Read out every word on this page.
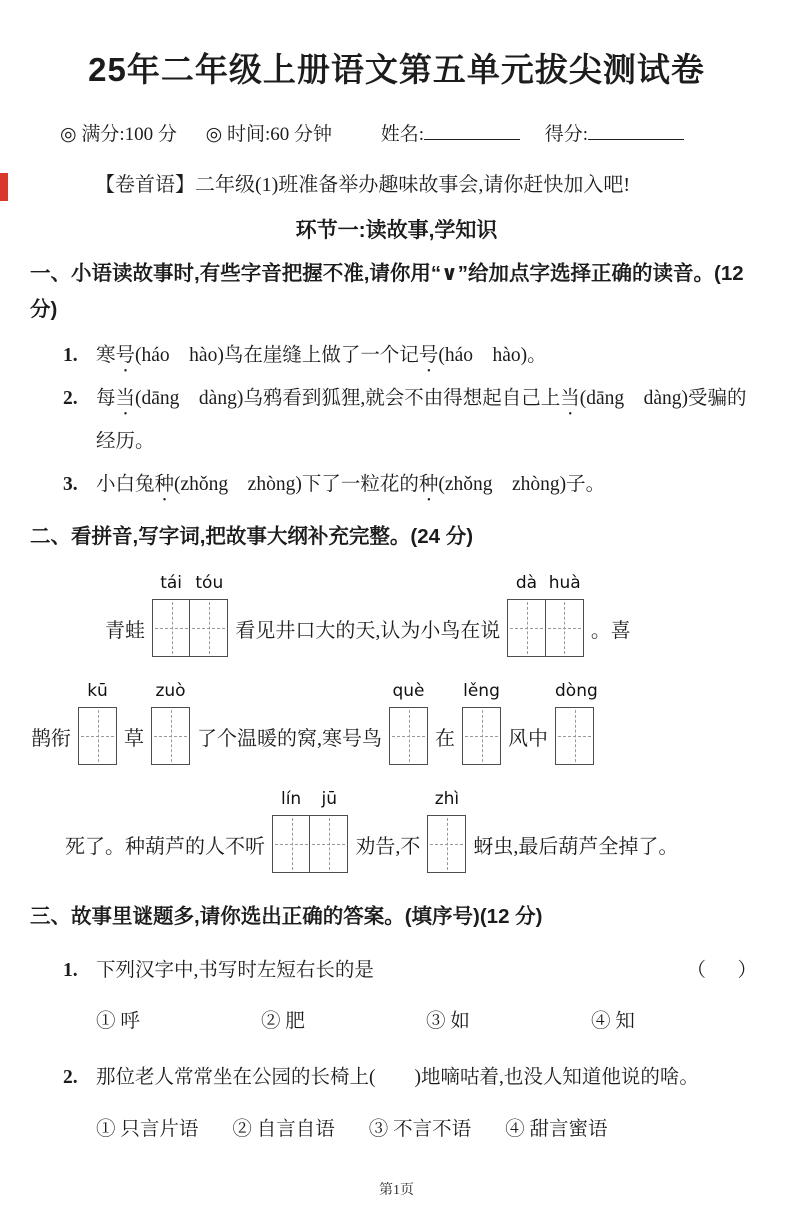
25年二年级上册语文第五单元拔尖测试卷
◎ 满分:100 分 ◎ 时间:60 分钟	姓名:	得分:

【卷首语】二年级(1)班准备举办趣味故事会,请你赶快加入吧!

环节一:读故事,学知识
一、小语读故事时,有些字音把握不准,请你用“∨”给加点字选择正确的读音。(12 分)
1. 寒号(háo　hào)鸟在崖缝上做了一个记号(háo　hào)。
2. 每当(dāng　dàng)乌鸦看到狐狸,就会不由得想起自己上当(dāng　dàng)受骗的经历。
3. 小白兔种(zhǒng　zhòng)下了一粒花的种(zhǒng　zhòng)子。
二、看拼音,写字词,把故事大纲补充完整。(24 分)
青蛙
tái tóu
看见井口大的天,认为小鸟在说
dà huà
。喜
鹊衔
kū
草
zuò
了个温暖的窝,寒号鸟
què
在
lěng
风中
dòng
死了。种葫芦的人不听
lín	jū
劝告,不
zhì
蚜虫,最后葫芦全掉了。
三、故事里谜题多,请你选出正确的答案。(填序号)(12 分)
1. 下列汉字中,书写时左短右长的是	（　）
① 呼	② 肥	③ 如	④ 知
2. 那位老人常常坐在公园的长椅上(　　)地嘀咕着,也没人知道他说的啥。
① 只言片语 ② 自言自语 ③ 不言不语 ④ 甜言蜜语
第1页
